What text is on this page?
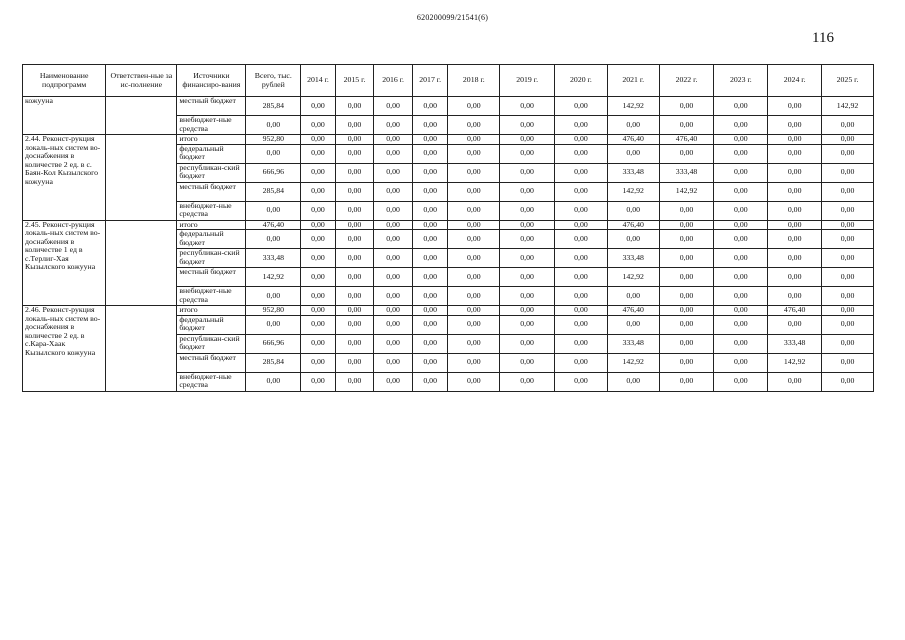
620200099/21541(6)
116
Наименование подпрограмм	Ответствен-ные за ис-полнение	Источники финансиро-вания	Всего, тыс. рублей	2014 г.	2015 г.	2016 г.	2017 г.	2018 г.	2019 г.	2020 г.	2021 г.	2022 г.	2023 г.	2024 г.	2025 г.
кожууна		местный бюджет	285,84	0,00	0,00	0,00	0,00	0,00	0,00	0,00	142,92	0,00	0,00	0,00	142,92
		внебюджет-ные средства	0,00	0,00	0,00	0,00	0,00	0,00	0,00	0,00	0,00	0,00	0,00	0,00	0,00
2.44. Реконст-рукция локаль-ных систем во-доснабжения в количестве 2 ед. в с. Баян-Кол Кызылского кожууна		итого	952,80	0,00	0,00	0,00	0,00	0,00	0,00	0,00	476,40	476,40	0,00	0,00	0,00
		федеральный бюджет	0,00	0,00	0,00	0,00	0,00	0,00	0,00	0,00	0,00	0,00	0,00	0,00	0,00
		республикан-ский бюджет	666,96	0,00	0,00	0,00	0,00	0,00	0,00	0,00	333,48	333,48	0,00	0,00	0,00
		местный бюджет	285,84	0,00	0,00	0,00	0,00	0,00	0,00	0,00	142,92	142,92	0,00	0,00	0,00
		внебюджет-ные средства	0,00	0,00	0,00	0,00	0,00	0,00	0,00	0,00	0,00	0,00	0,00	0,00	0,00
2.45. Реконст-рукция локаль-ных систем во-доснабжения в количестве 1 ед в с.Терлиг-Хая Кызылского кожууна		итого	476,40	0,00	0,00	0,00	0,00	0,00	0,00	0,00	476,40	0,00	0,00	0,00	0,00
		федеральный бюджет	0,00	0,00	0,00	0,00	0,00	0,00	0,00	0,00	0,00	0,00	0,00	0,00	0,00
		республикан-ский бюджет	333,48	0,00	0,00	0,00	0,00	0,00	0,00	0,00	333,48	0,00	0,00	0,00	0,00
		местный бюджет	142,92	0,00	0,00	0,00	0,00	0,00	0,00	0,00	142,92	0,00	0,00	0,00	0,00
		внебюджет-ные средства	0,00	0,00	0,00	0,00	0,00	0,00	0,00	0,00	0,00	0,00	0,00	0,00	0,00
2.46. Реконст-рукция локаль-ных систем во-доснабжения в количестве 2 ед. в с.Кара-Хаак Кызылского кожууна		итого	952,80	0,00	0,00	0,00	0,00	0,00	0,00	0,00	476,40	0,00	0,00	476,40	0,00
		федеральный бюджет	0,00	0,00	0,00	0,00	0,00	0,00	0,00	0,00	0,00	0,00	0,00	0,00	0,00
		республикан-ский бюджет	666,96	0,00	0,00	0,00	0,00	0,00	0,00	0,00	333,48	0,00	0,00	333,48	0,00
		местный бюджет	285,84	0,00	0,00	0,00	0,00	0,00	0,00	0,00	142,92	0,00	0,00	142,92	0,00
		внебюджет-ные средства	0,00	0,00	0,00	0,00	0,00	0,00	0,00	0,00	0,00	0,00	0,00	0,00	0,00
